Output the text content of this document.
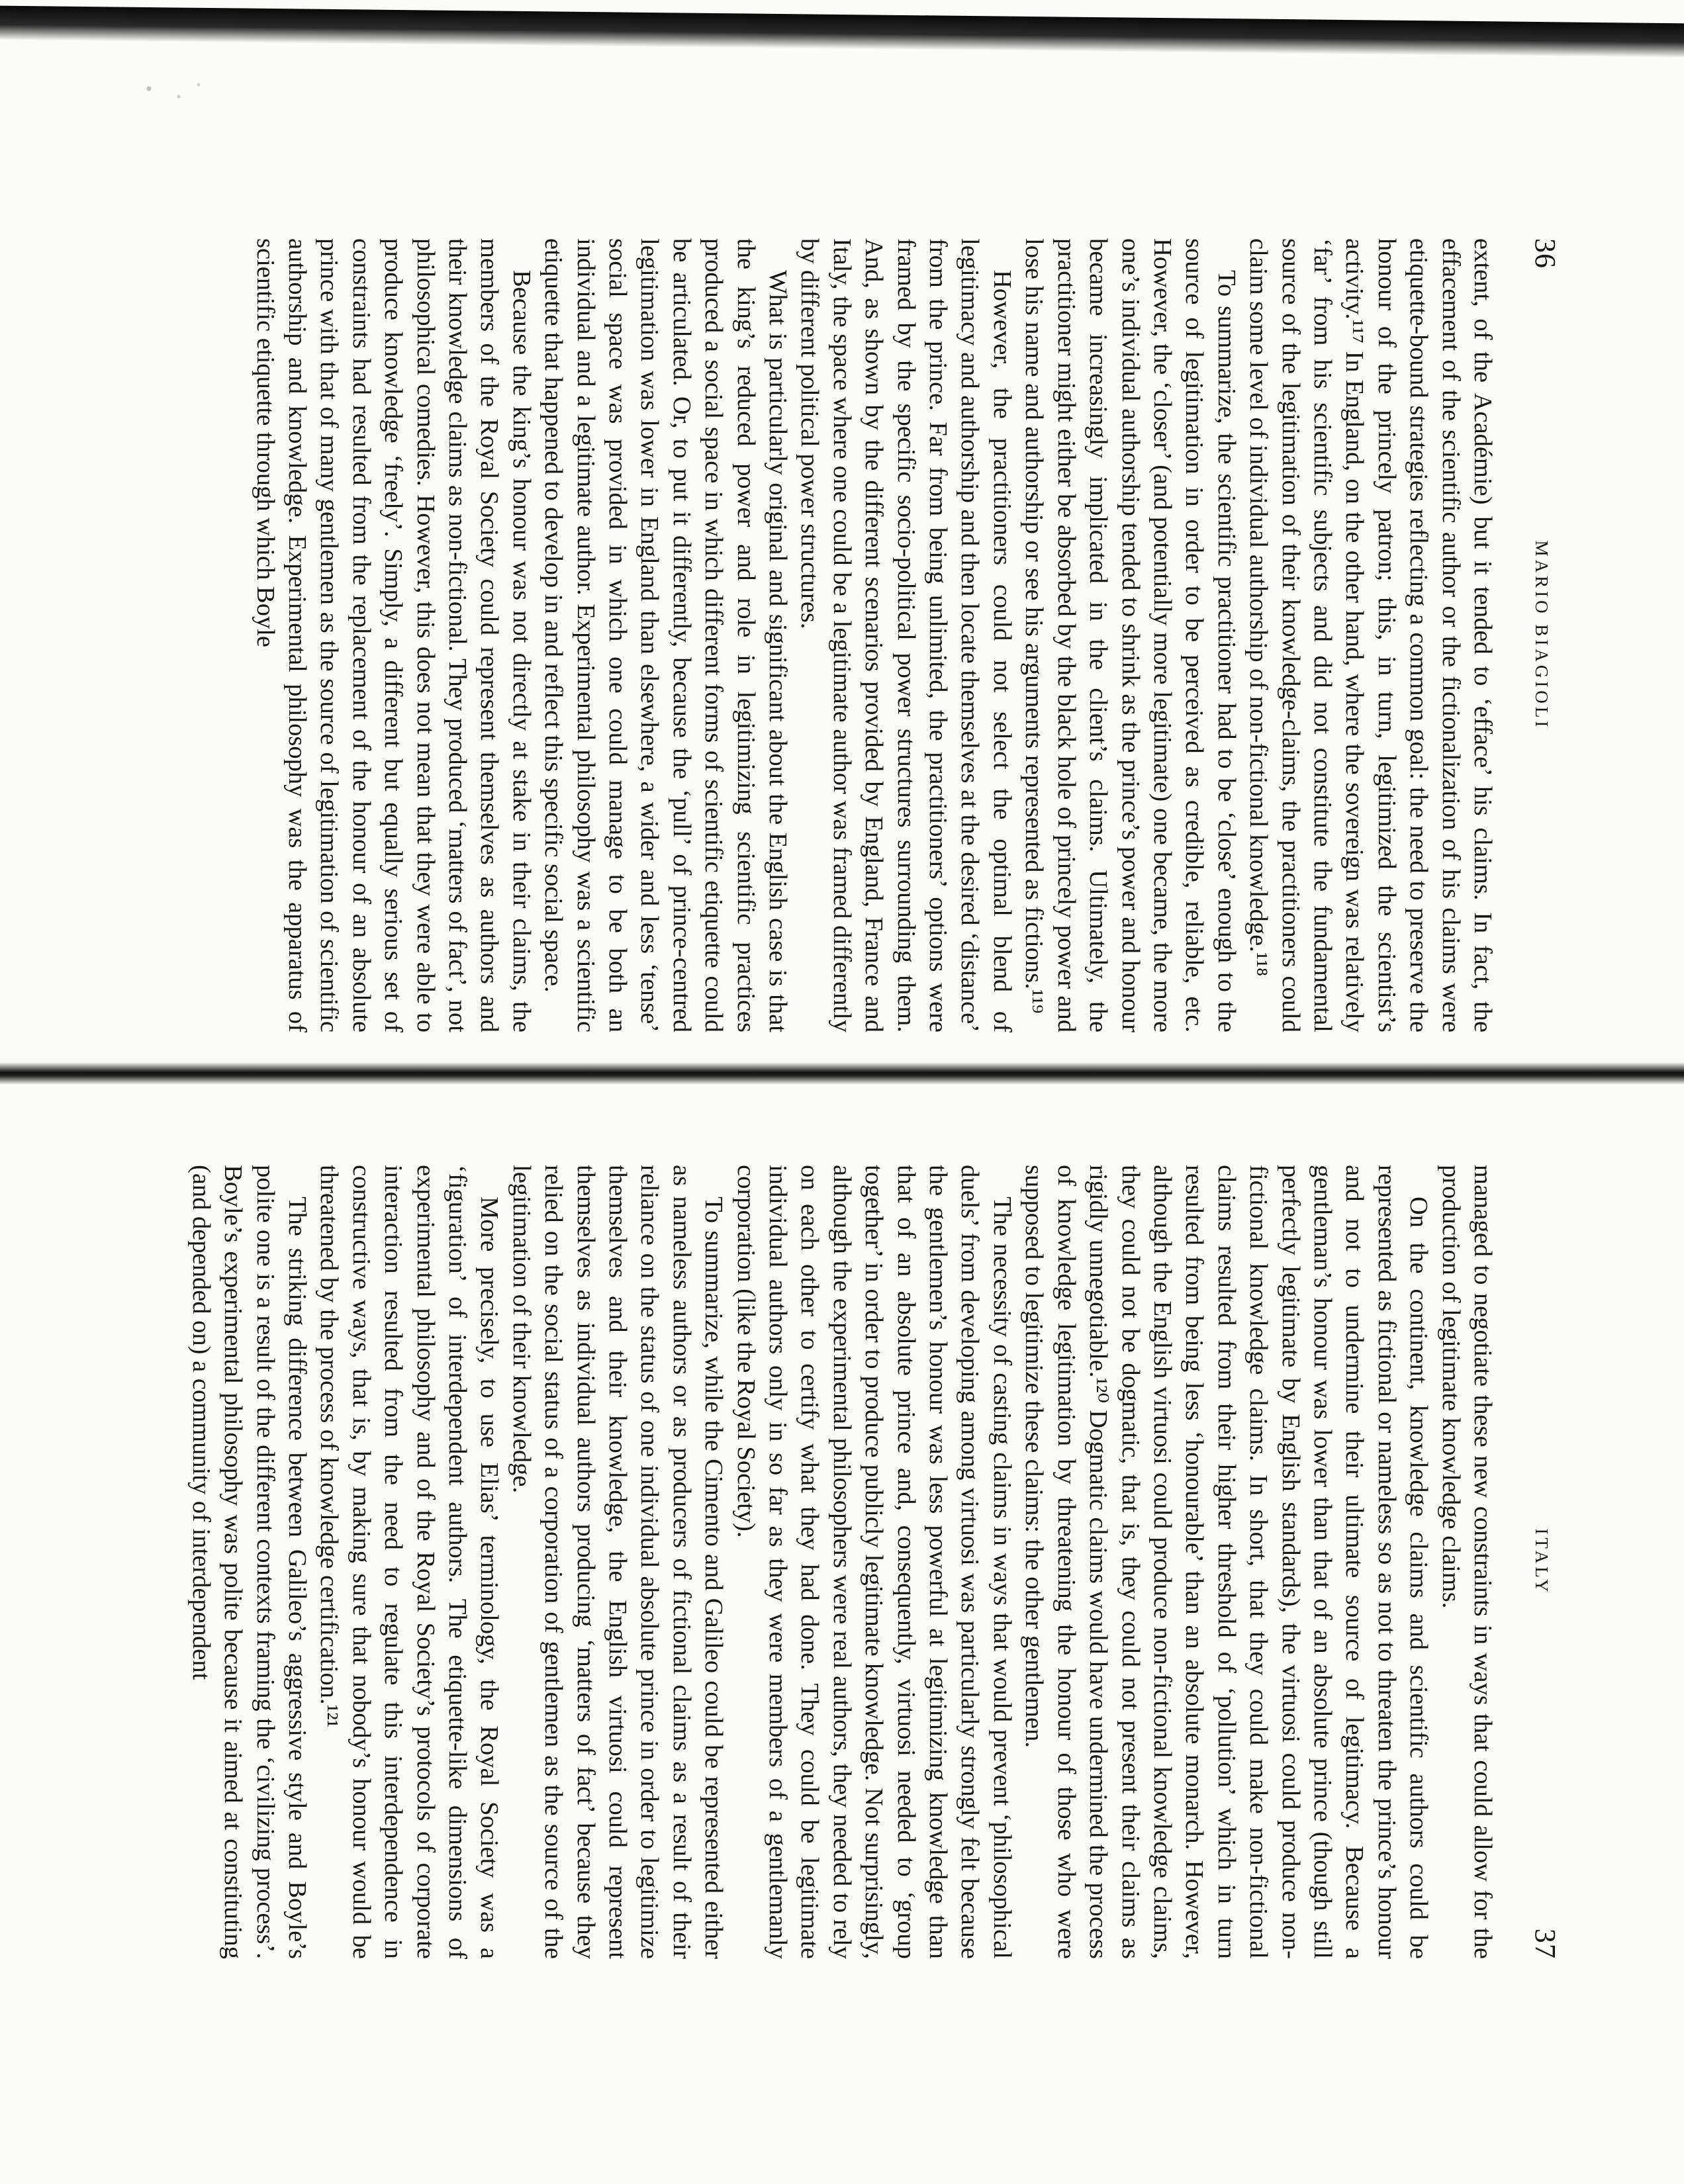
36
MARIO BIAGIOLI

extent, of the Académie) but it tended to ‘efface’ his claims. In fact, the effacement of the scientific author or the fictionalization of his claims were etiquette-bound strategies reflecting a common goal: the need to preserve the honour of the princely patron; this, in turn, legitimized the scientist’s activity.¹¹⁷ In England, on the other hand, where the sovereign was relatively ‘far’ from his scientific subjects and did not constitute the fundamental source of the legitimation of their knowledge-claims, the practitioners could claim some level of individual authorship of non-fictional knowledge.¹¹⁸

To summarize, the scientific practitioner had to be ‘close’ enough to the source of legitimation in order to be perceived as credible, reliable, etc. However, the ‘closer’ (and potentially more legitimate) one became, the more one’s individual authorship tended to shrink as the prince’s power and honour became increasingly implicated in the client’s claims. Ultimately, the practitioner might either be absorbed by the black hole of princely power and lose his name and authorship or see his arguments represented as fictions.¹¹⁹

However, the practitioners could not select the optimal blend of legitimacy and authorship and then locate themselves at the desired ‘distance’ from the prince. Far from being unlimited, the practitioners’ options were framed by the specific socio-political power structures surrounding them. And, as shown by the different scenarios provided by England, France and Italy, the space where one could be a legitimate author was framed differently by different political power structures.

What is particularly original and significant about the English case is that the king’s reduced power and role in legitimizing scientific practices produced a social space in which different forms of scientific etiquette could be articulated. Or, to put it differently, because the ‘pull’ of prince-centred legitimation was lower in England than elsewhere, a wider and less ‘tense’ social space was provided in which one could manage to be both an individual and a legitimate author. Experimental philosophy was a scientific etiquette that happened to develop in and reflect this specific social space.

Because the king’s honour was not directly at stake in their claims, the members of the Royal Society could represent themselves as authors and their knowledge claims as non-fictional. They produced ‘matters of fact’, not philosophical comedies. However, this does not mean that they were able to produce knowledge ‘freely’. Simply, a different but equally serious set of constraints had resulted from the replacement of the honour of an absolute prince with that of many gentlemen as the source of legitimation of scientific authorship and knowledge. Experimental philosophy was the apparatus of scientific etiquette through which Boyle

ITALY
37

managed to negotiate these new constraints in ways that could allow for the production of legitimate knowledge claims.

On the continent, knowledge claims and scientific authors could be represented as fictional or nameless so as not to threaten the prince’s honour and not to undermine their ultimate source of legitimacy. Because a gentleman’s honour was lower than that of an absolute prince (though still perfectly legitimate by English standards), the virtuosi could produce non-fictional knowledge claims. In short, that they could make non-fictional claims resulted from their higher threshold of ‘pollution’ which in turn resulted from being less ‘honourable’ than an absolute monarch. However, although the English virtuosi could produce non-fictional knowledge claims, they could not be dogmatic, that is, they could not present their claims as rigidly unnegotiable.¹²⁰ Dogmatic claims would have undermined the process of knowledge legitimation by threatening the honour of those who were supposed to legitimize these claims: the other gentlemen.

The necessity of casting claims in ways that would prevent ‘philosophical duels’ from developing among virtuosi was particularly strongly felt because the gentlemen’s honour was less powerful at legitimizing knowledge than that of an absolute prince and, consequently, virtuosi needed to ‘group together’ in order to produce publicly legitimate knowledge. Not surprisingly, although the experimental philosophers were real authors, they needed to rely on each other to certify what they had done. They could be legitimate individual authors only in so far as they were members of a gentlemanly corporation (like the Royal Society).

To summarize, while the Cimento and Galileo could be represented either as nameless authors or as producers of fictional claims as a result of their reliance on the status of one individual absolute prince in order to legitimize themselves and their knowledge, the English virtuosi could represent themselves as individual authors producing ‘matters of fact’ because they relied on the social status of a corporation of gentlemen as the source of the legitimation of their knowledge.

More precisely, to use Elias’ terminology, the Royal Society was a ‘figuration’ of interdependent authors. The etiquette-like dimensions of experimental philosophy and of the Royal Society’s protocols of corporate interaction resulted from the need to regulate this interdependence in constructive ways, that is, by making sure that nobody’s honour would be threatened by the process of knowledge certification.¹²¹

The striking difference between Galileo’s aggressive style and Boyle’s polite one is a result of the different contexts framing the ‘civilizing process’. Boyle’s experimental philosophy was polite because it aimed at constituting (and depended on) a community of interdependent
